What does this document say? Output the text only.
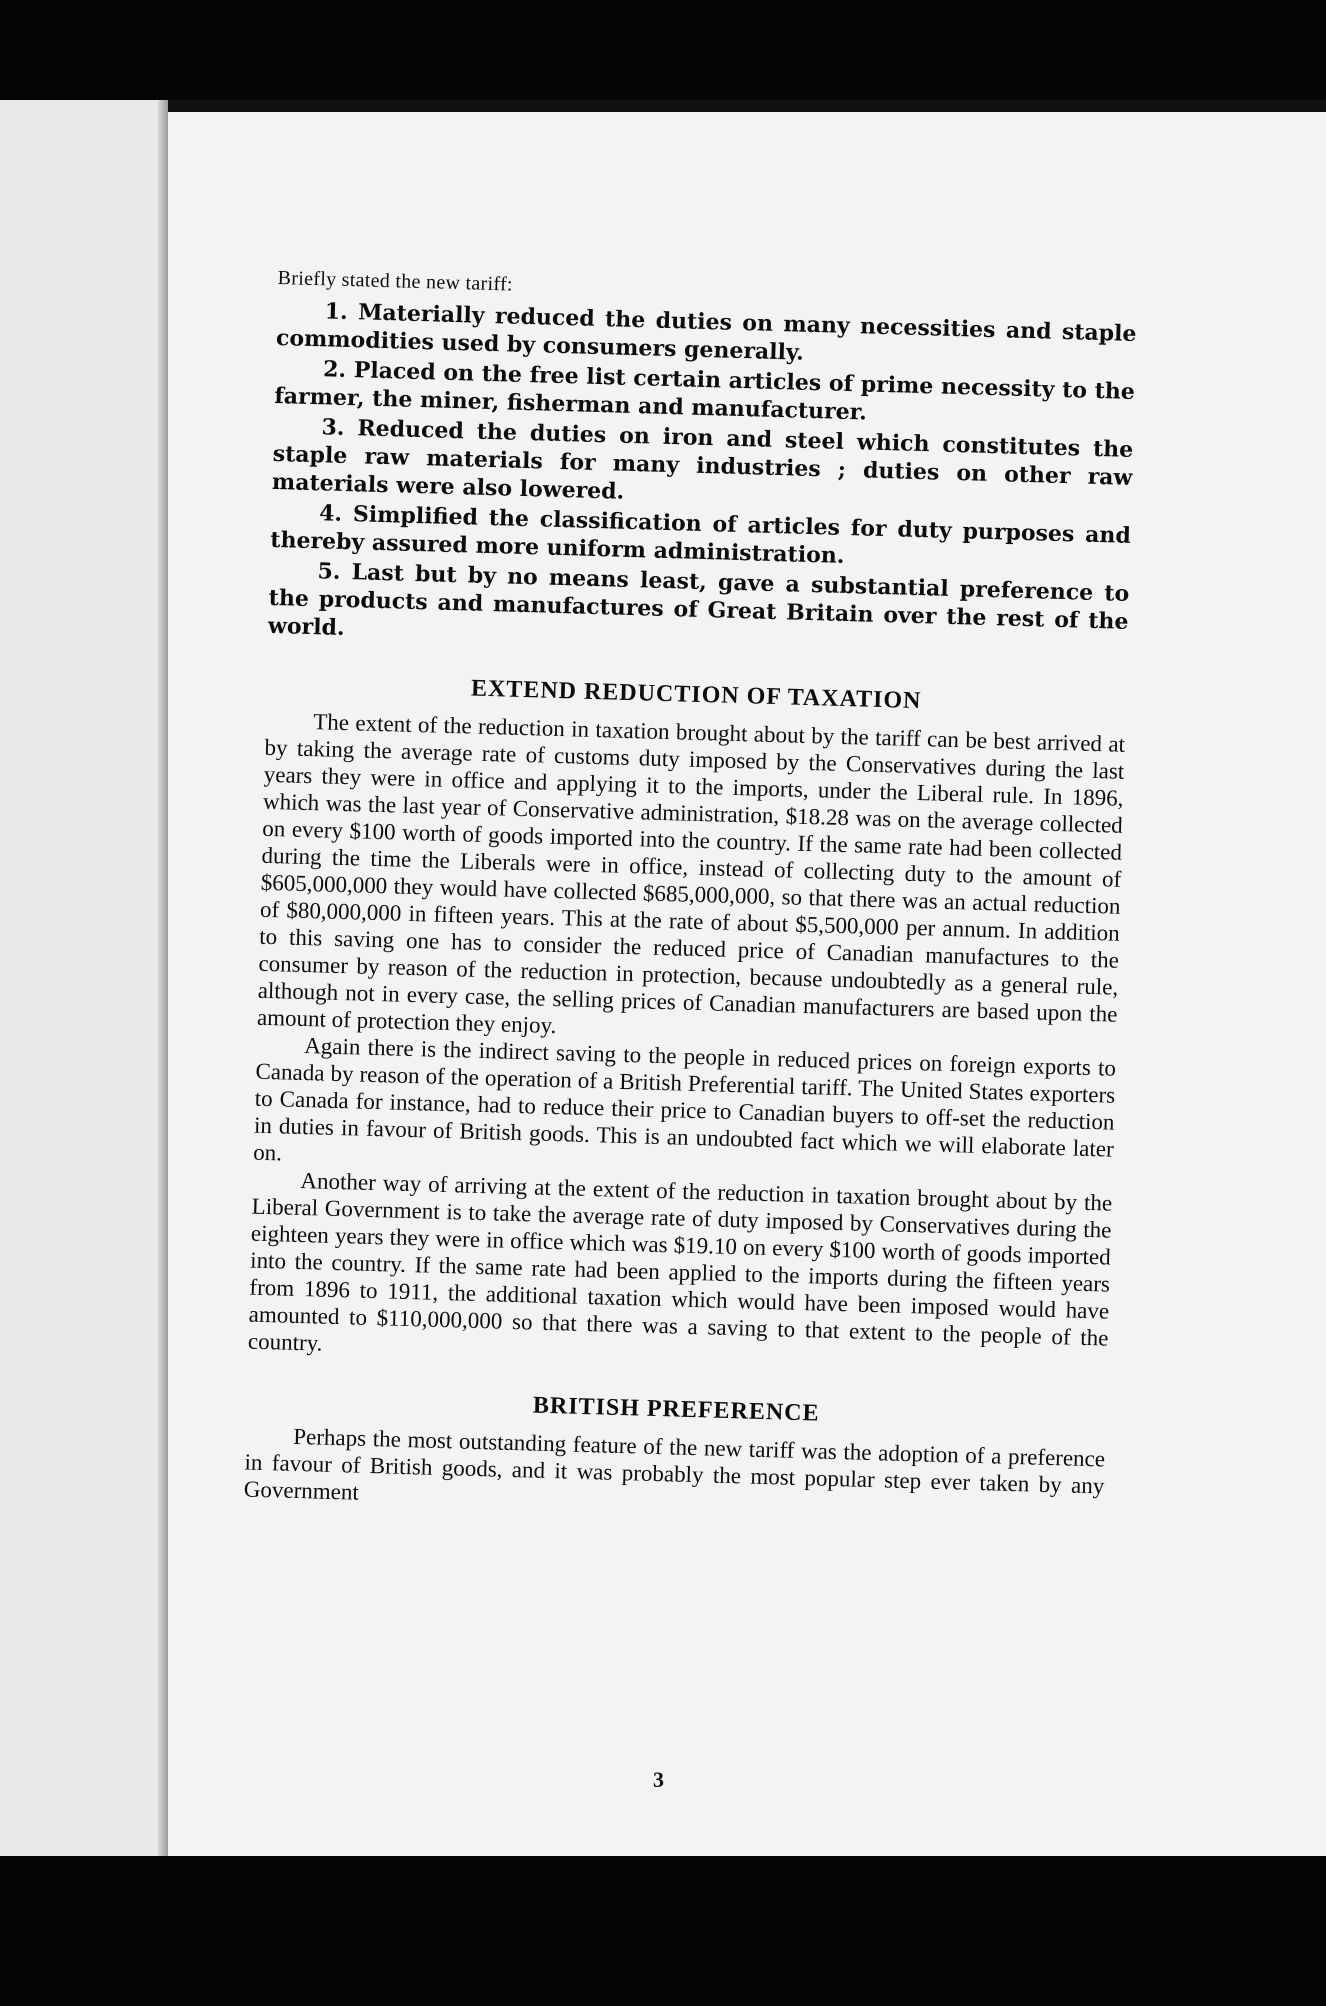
Briefly stated the new tariff:

1. Materially reduced the duties on many necessities and staple commodities used by consumers generally.

2. Placed on the free list certain articles of prime necessity to the farmer, the miner, fisherman and manufacturer.

3. Reduced the duties on iron and steel which constitutes the staple raw materials for many industries ; duties on other raw materials were also lowered.

4. Simplified the classification of articles for duty purposes and thereby assured more uniform administration.

5. Last but by no means least, gave a substantial preference to the products and manufactures of Great Britain over the rest of the world.

EXTEND REDUCTION OF TAXATION

The extent of the reduction in taxation brought about by the tariff can be best arrived at by taking the average rate of customs duty imposed by the Conservatives during the last years they were in office and applying it to the imports, under the Liberal rule. In 1896, which was the last year of Conservative administration, $18.28 was on the average collected on every $100 worth of goods imported into the country. If the same rate had been collected during the time the Liberals were in office, instead of collecting duty to the amount of $605,000,000 they would have collected $685,000,000, so that there was an actual reduction of $80,000,000 in fifteen years. This at the rate of about $5,500,000 per annum. In addition to this saving one has to consider the reduced price of Canadian manufactures to the consumer by reason of the reduction in protection, because undoubtedly as a general rule, although not in every case, the selling prices of Canadian manufacturers are based upon the amount of protection they enjoy.

Again there is the indirect saving to the people in reduced prices on foreign exports to Canada by reason of the operation of a British Preferential tariff. The United States exporters to Canada for instance, had to reduce their price to Canadian buyers to off-set the reduction in duties in favour of British goods. This is an undoubted fact which we will elaborate later on.

Another way of arriving at the extent of the reduction in taxation brought about by the Liberal Government is to take the average rate of duty imposed by Conservatives during the eighteen years they were in office which was $19.10 on every $100 worth of goods imported into the country. If the same rate had been applied to the imports during the fifteen years from 1896 to 1911, the additional taxation which would have been imposed would have amounted to $110,000,000 so that there was a saving to that extent to the people of the country.

BRITISH PREFERENCE

Perhaps the most outstanding feature of the new tariff was the adoption of a preference in favour of British goods, and it was probably the most popular step ever taken by any Government

3
